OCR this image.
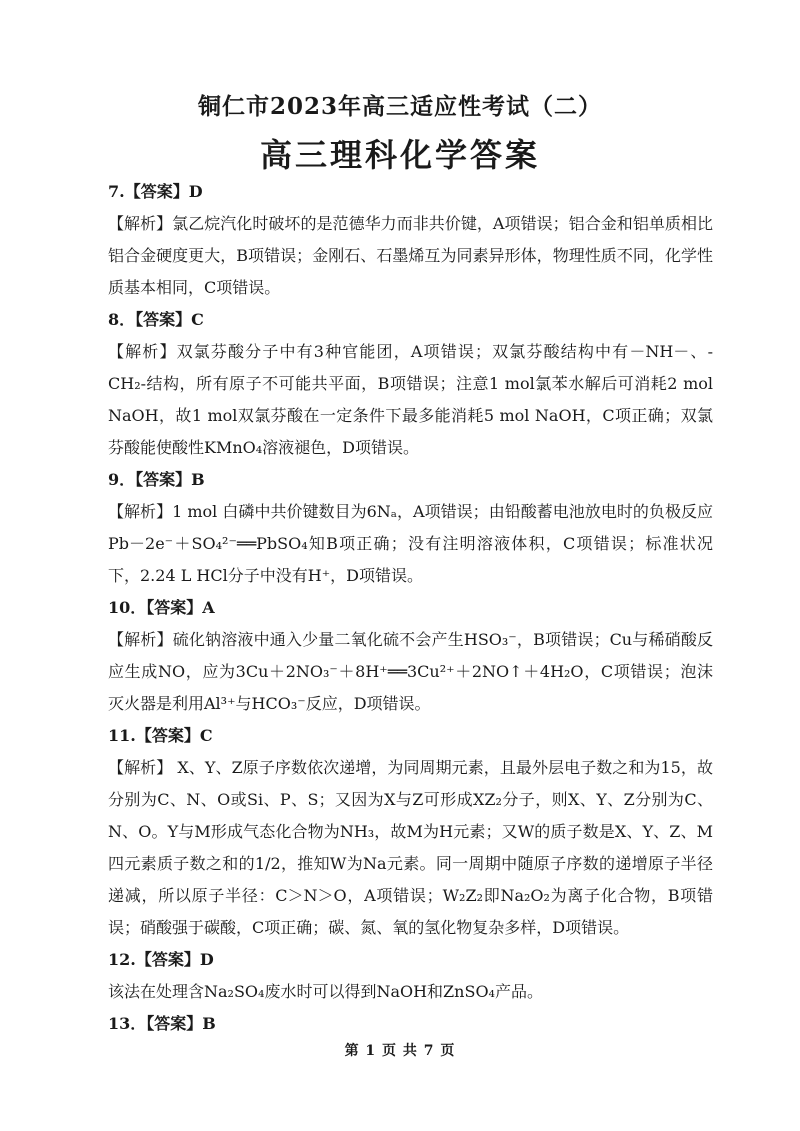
铜仁市2023年高三适应性考试（二）
高三理科化学答案

7.【答案】D

【解析】氯乙烷汽化时破坏的是范德华力而非共价键，A项错误；铝合金和铝单质相比铝合金硬度更大，B项错误；金刚石、石墨烯互为同素异形体，物理性质不同，化学性质基本相同，C项错误。

8．【答案】C

【解析】双氯芬酸分子中有3种官能团，A项错误；双氯芬酸结构中有－NH－、-CH₂-结构，所有原子不可能共平面，B项错误；注意1 mol氯苯水解后可消耗2 mol NaOH，故1 mol双氯芬酸在一定条件下最多能消耗5 mol NaOH，C项正确；双氯芬酸能使酸性KMnO₄溶液褪色，D项错误。

9．【答案】B

【解析】1 mol 白磷中共价键数目为6Nₐ，A项错误；由铅酸蓄电池放电时的负极反应 Pb－2e⁻＋SO₄²⁻══PbSO₄知B项正确；没有注明溶液体积，C项错误；标准状况下，2.24 L HCl分子中没有H⁺，D项错误。

10．【答案】A

【解析】硫化钠溶液中通入少量二氧化硫不会产生HSO₃⁻，B项错误；Cu与稀硝酸反应生成NO，应为3Cu＋2NO₃⁻＋8H⁺══3Cu²⁺＋2NO↑＋4H₂O，C项错误；泡沫灭火器是利用Al³⁺与HCO₃⁻反应，D项错误。

11.【答案】C

【解析】 X、Y、Z原子序数依次递增，为同周期元素，且最外层电子数之和为15，故分别为C、N、O或Si、P、S；又因为X与Z可形成XZ₂分子，则X、Y、Z分别为C、N、O。Y与M形成气态化合物为NH₃，故M为H元素；又W的质子数是X、Y、Z、M四元素质子数之和的1/2，推知W为Na元素。同一周期中随原子序数的递增原子半径递减，所以原子半径：C＞N＞O，A项错误；W₂Z₂即Na₂O₂为离子化合物，B项错误；硝酸强于碳酸，C项正确；碳、氮、氧的氢化物复杂多样，D项错误。

12.【答案】D

该法在处理含Na₂SO₄废水时可以得到NaOH和ZnSO₄产品。

13．【答案】B

第 1 页 共 7 页
